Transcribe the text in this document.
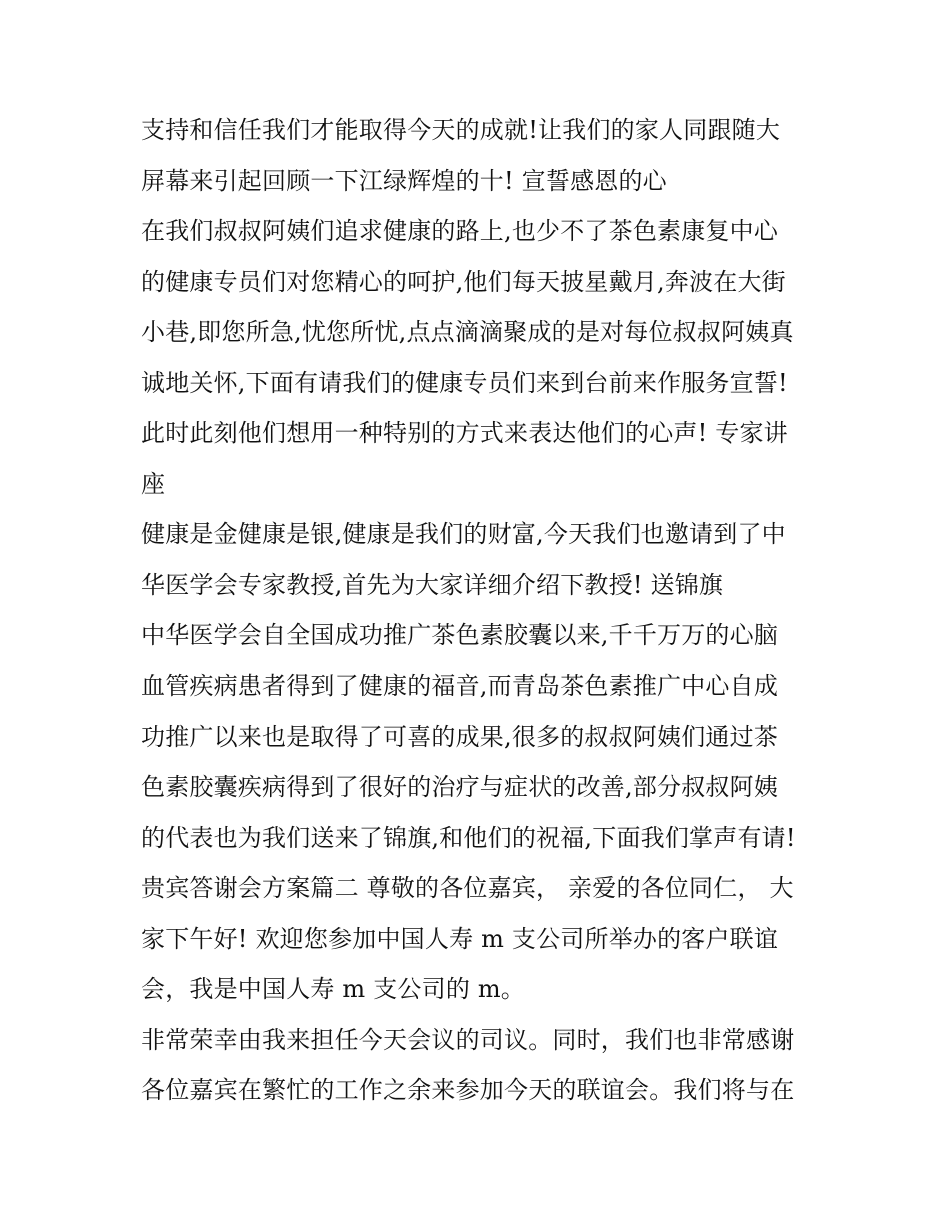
支持和信任我们才能取得今天的成就!让我们的家人同跟随大
屏幕来引起回顾一下江绿辉煌的十! 宣誓感恩的心
在我们叔叔阿姨们追求健康的路上,也少不了茶色素康复中心
的健康专员们对您精心的呵护,他们每天披星戴月,奔波在大街
小巷,即您所急,忧您所忧,点点滴滴聚成的是对每位叔叔阿姨真
诚地关怀,下面有请我们的健康专员们来到台前来作服务宣誓!
此时此刻他们想用一种特别的方式来表达他们的心声! 专家讲
座
健康是金健康是银,健康是我们的财富,今天我们也邀请到了中
华医学会专家教授,首先为大家详细介绍下教授! 送锦旗
中华医学会自全国成功推广茶色素胶囊以来,千千万万的心脑
血管疾病患者得到了健康的福音,而青岛茶色素推广中心自成
功推广以来也是取得了可喜的成果,很多的叔叔阿姨们通过茶
色素胶囊疾病得到了很好的治疗与症状的改善,部分叔叔阿姨
的代表也为我们送来了锦旗,和他们的祝福,下面我们掌声有请!
贵宾答谢会方案篇二 尊敬的各位嘉宾， 亲爱的各位同仁， 大
家下午好! 欢迎您参加中国人寿 m 支公司所举办的客户联谊
会，我是中国人寿 m 支公司的 m。
非常荣幸由我来担任今天会议的司议。同时，我们也非常感谢
各位嘉宾在繁忙的工作之余来参加今天的联谊会。我们将与在
